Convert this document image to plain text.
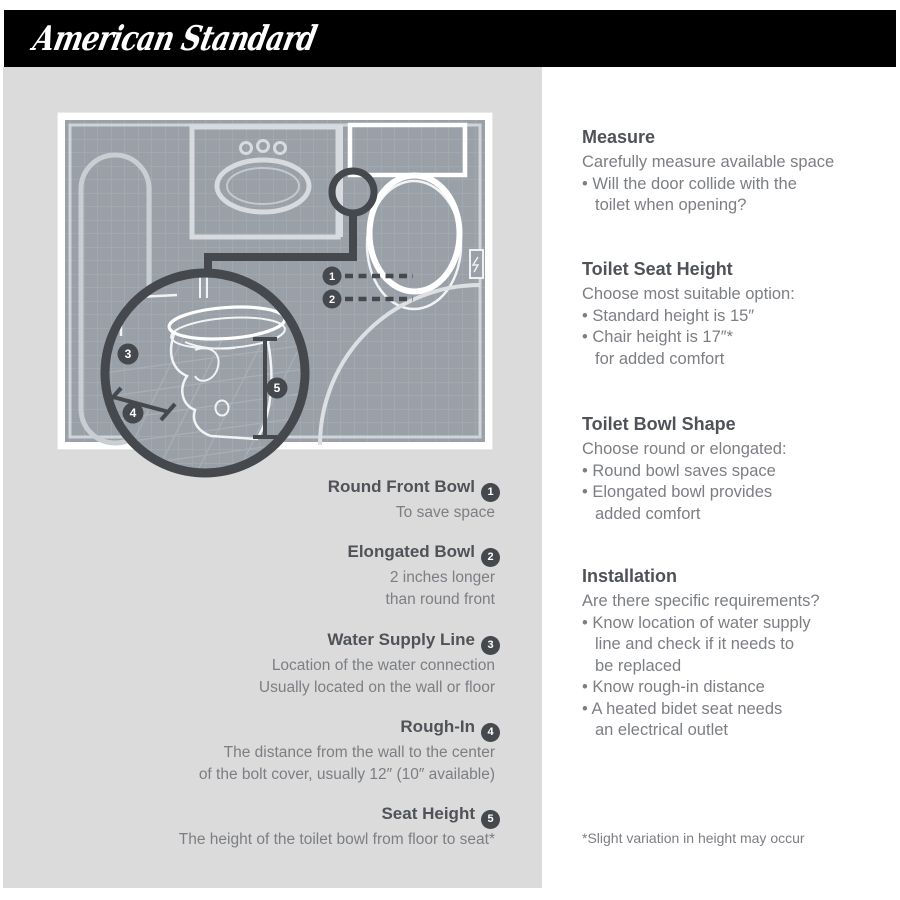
American Standard
1
2
3
4
5
Round Front Bowl 1
To save space
Elongated Bowl 2
2 inches longer
than round front
Water Supply Line 3
Location of the water connection
Usually located on the wall or floor
Rough-In 4
The distance from the wall to the center
of the bolt cover, usually 12″ (10″ available)
Seat Height 5
The height of the toilet bowl from floor to seat*
Measure
Carefully measure available space
• Will the door collide with the
toilet when opening?
Toilet Seat Height
Choose most suitable option:
• Standard height is 15″
• Chair height is 17″*
for added comfort
Toilet Bowl Shape
Choose round or elongated:
• Round bowl saves space
• Elongated bowl provides
added comfort
Installation
Are there specific requirements?
• Know location of water supply
line and check if it needs to
be replaced
• Know rough-in distance
• A heated bidet seat needs
an electrical outlet
*Slight variation in height may occur
